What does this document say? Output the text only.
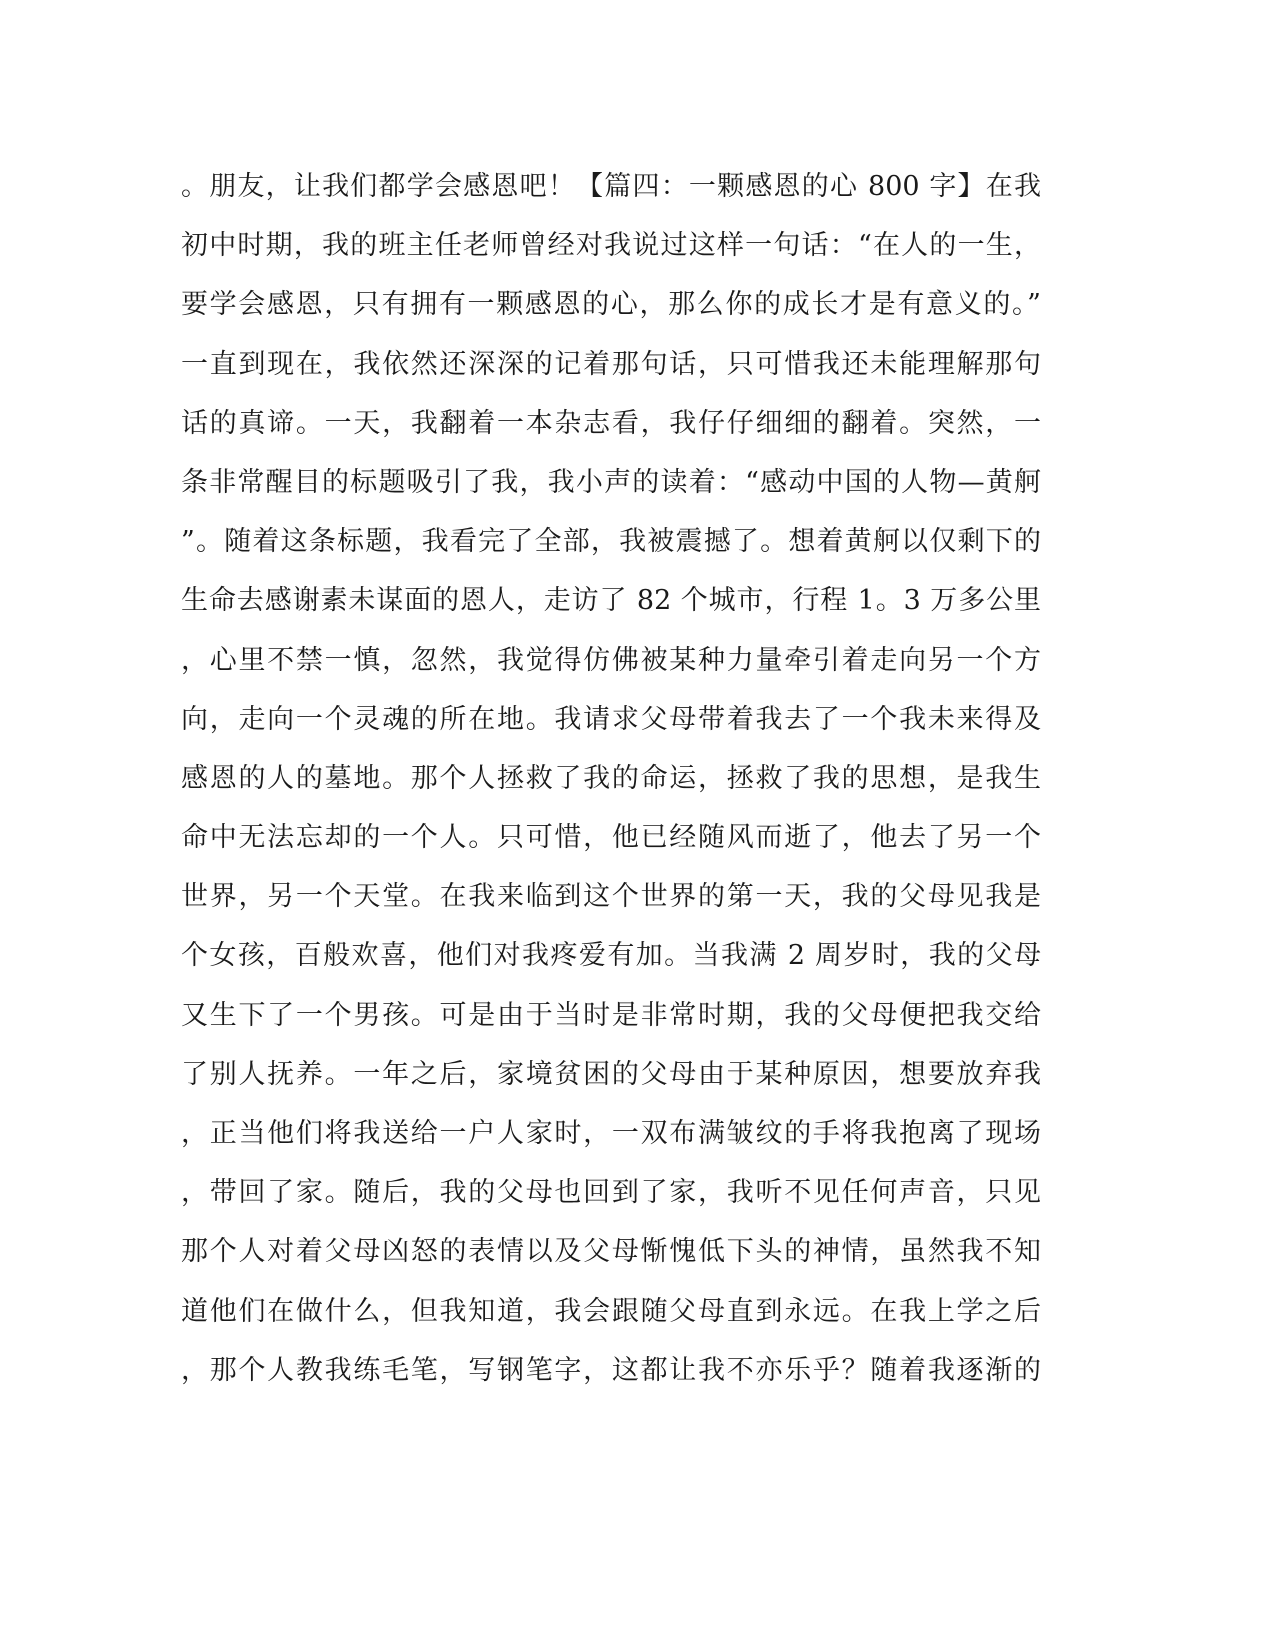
。朋友，让我们都学会感恩吧！【篇四：一颗感恩的心 800 字】在我
初中时期，我的班主任老师曾经对我说过这样一句话：“在人的一生，
要学会感恩，只有拥有一颗感恩的心，那么你的成长才是有意义的。”
一直到现在，我依然还深深的记着那句话，只可惜我还未能理解那句
话的真谛。一天，我翻着一本杂志看，我仔仔细细的翻着。突然，一
条非常醒目的标题吸引了我，我小声的读着：“感动中国的人物—黄舸
”。随着这条标题，我看完了全部，我被震撼了。想着黄舸以仅剩下的
生命去感谢素未谋面的恩人，走访了 82 个城市，行程 1。3 万多公里
，心里不禁一慎，忽然，我觉得仿佛被某种力量牵引着走向另一个方
向，走向一个灵魂的所在地。我请求父母带着我去了一个我未来得及
感恩的人的墓地。那个人拯救了我的命运，拯救了我的思想，是我生
命中无法忘却的一个人。只可惜，他已经随风而逝了，他去了另一个
世界，另一个天堂。在我来临到这个世界的第一天，我的父母见我是
个女孩，百般欢喜，他们对我疼爱有加。当我满 2 周岁时，我的父母
又生下了一个男孩。可是由于当时是非常时期，我的父母便把我交给
了别人抚养。一年之后，家境贫困的父母由于某种原因，想要放弃我
，正当他们将我送给一户人家时，一双布满皱纹的手将我抱离了现场
，带回了家。随后，我的父母也回到了家，我听不见任何声音，只见
那个人对着父母凶怒的表情以及父母惭愧低下头的神情，虽然我不知
道他们在做什么，但我知道，我会跟随父母直到永远。在我上学之后
，那个人教我练毛笔，写钢笔字，这都让我不亦乐乎？随着我逐渐的
